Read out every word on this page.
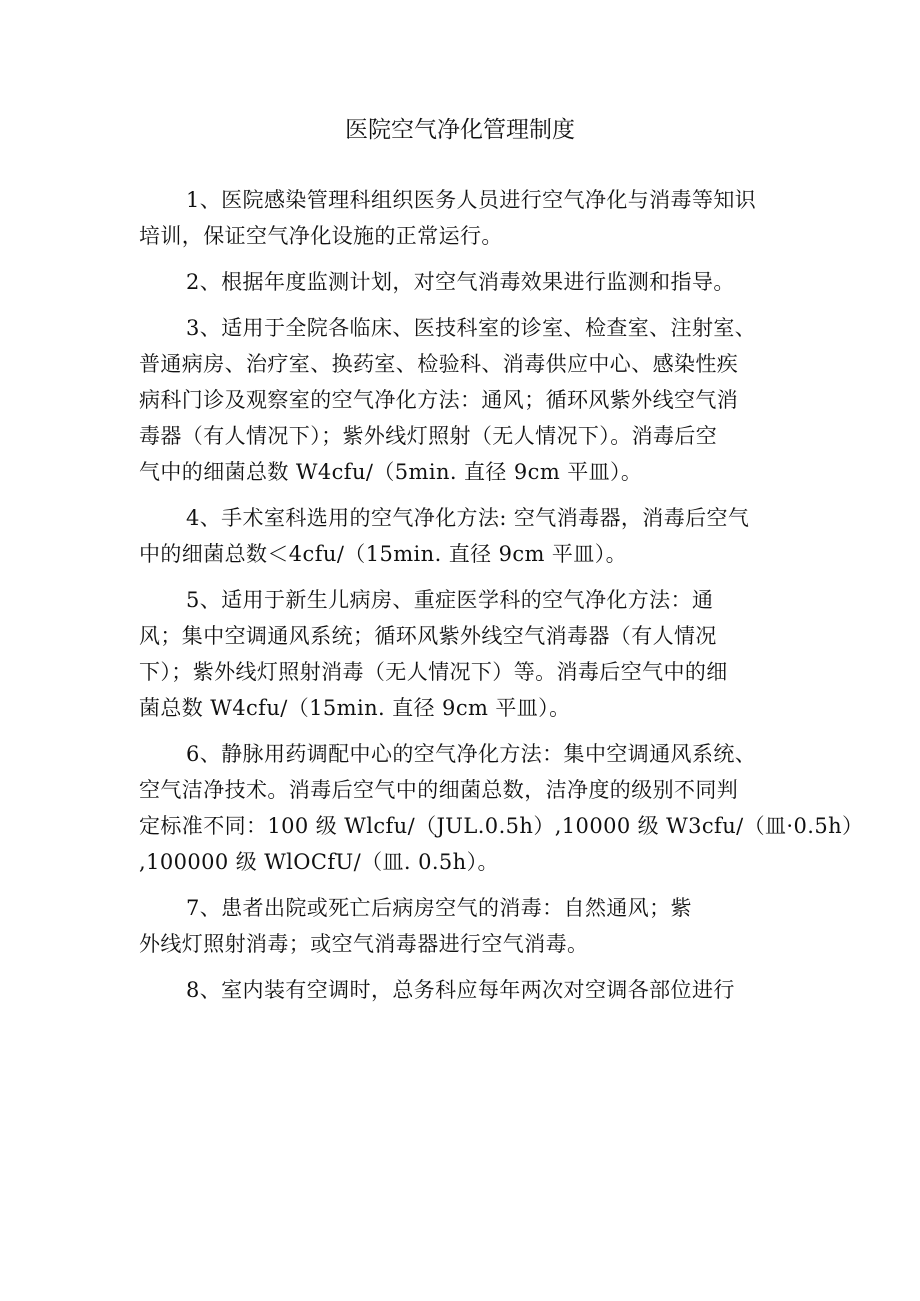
医院空气净化管理制度
1、医院感染管理科组织医务人员进行空气净化与消毒等知识
培训，保证空气净化设施的正常运行。
2、根据年度监测计划，对空气消毒效果进行监测和指导。
3、适用于全院各临床、医技科室的诊室、检查室、注射室、
普通病房、治疗室、换药室、检验科、消毒供应中心、感染性疾
病科门诊及观察室的空气净化方法：通风；循环风紫外线空气消
毒器（有人情况下）；紫外线灯照射（无人情况下）。消毒后空
气中的细菌总数 W4cfu∕（5min. 直径 9cm 平皿）。
4、手术室科选用的空气净化方法: 空气消毒器，消毒后空气
中的细菌总数＜4cfu∕（15min. 直径 9cm 平皿）。
5、适用于新生儿病房、重症医学科的空气净化方法：通
风；集中空调通风系统；循环风紫外线空气消毒器（有人情况
下）；紫外线灯照射消毒（无人情况下）等。消毒后空气中的细
菌总数 W4cfu∕（15min. 直径 9cm 平皿）。
6、静脉用药调配中心的空气净化方法：集中空调通风系统、
空气洁净技术。消毒后空气中的细菌总数，洁净度的级别不同判
定标准不同：100 级 Wlcfu∕（JUL.0.5h）,10000 级 W3cfu∕（皿·0.5h）
,100000 级 WlOCfU/（皿. 0.5h）。
7、患者出院或死亡后病房空气的消毒：自然通风；紫
外线灯照射消毒；或空气消毒器进行空气消毒。
8、室内装有空调时，总务科应每年两次对空调各部位进行
